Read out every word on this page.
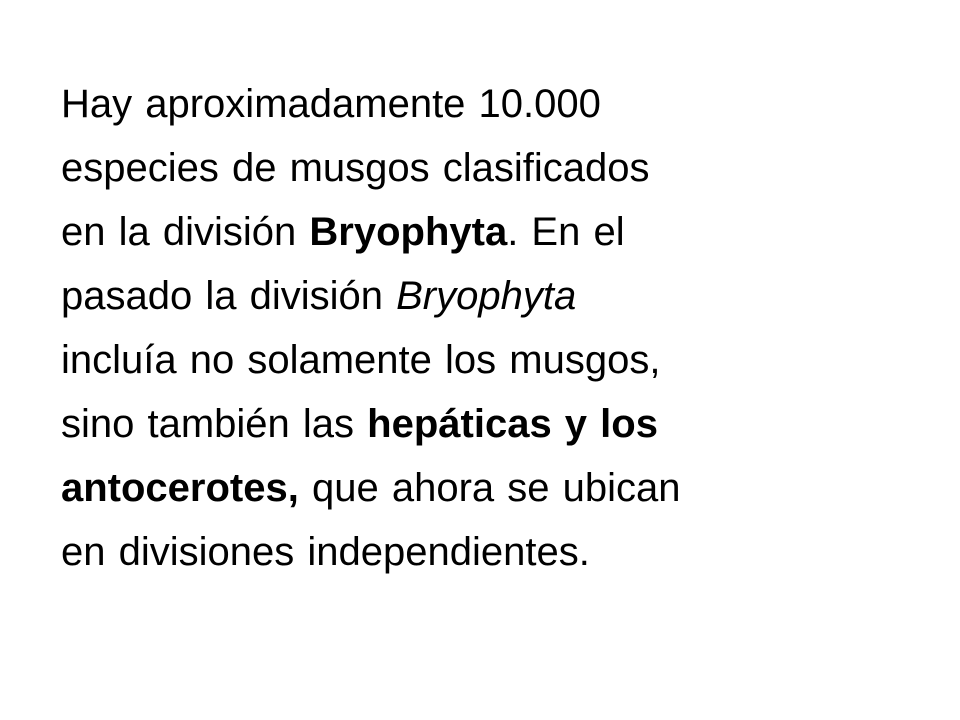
Hay aproximadamente 10.000
especies de musgos clasificados
en la división Bryophyta. En el
pasado la división Bryophyta
incluía no solamente los musgos,
sino también las hepáticas y los
antocerotes, que ahora se ubican
en divisiones independientes.
